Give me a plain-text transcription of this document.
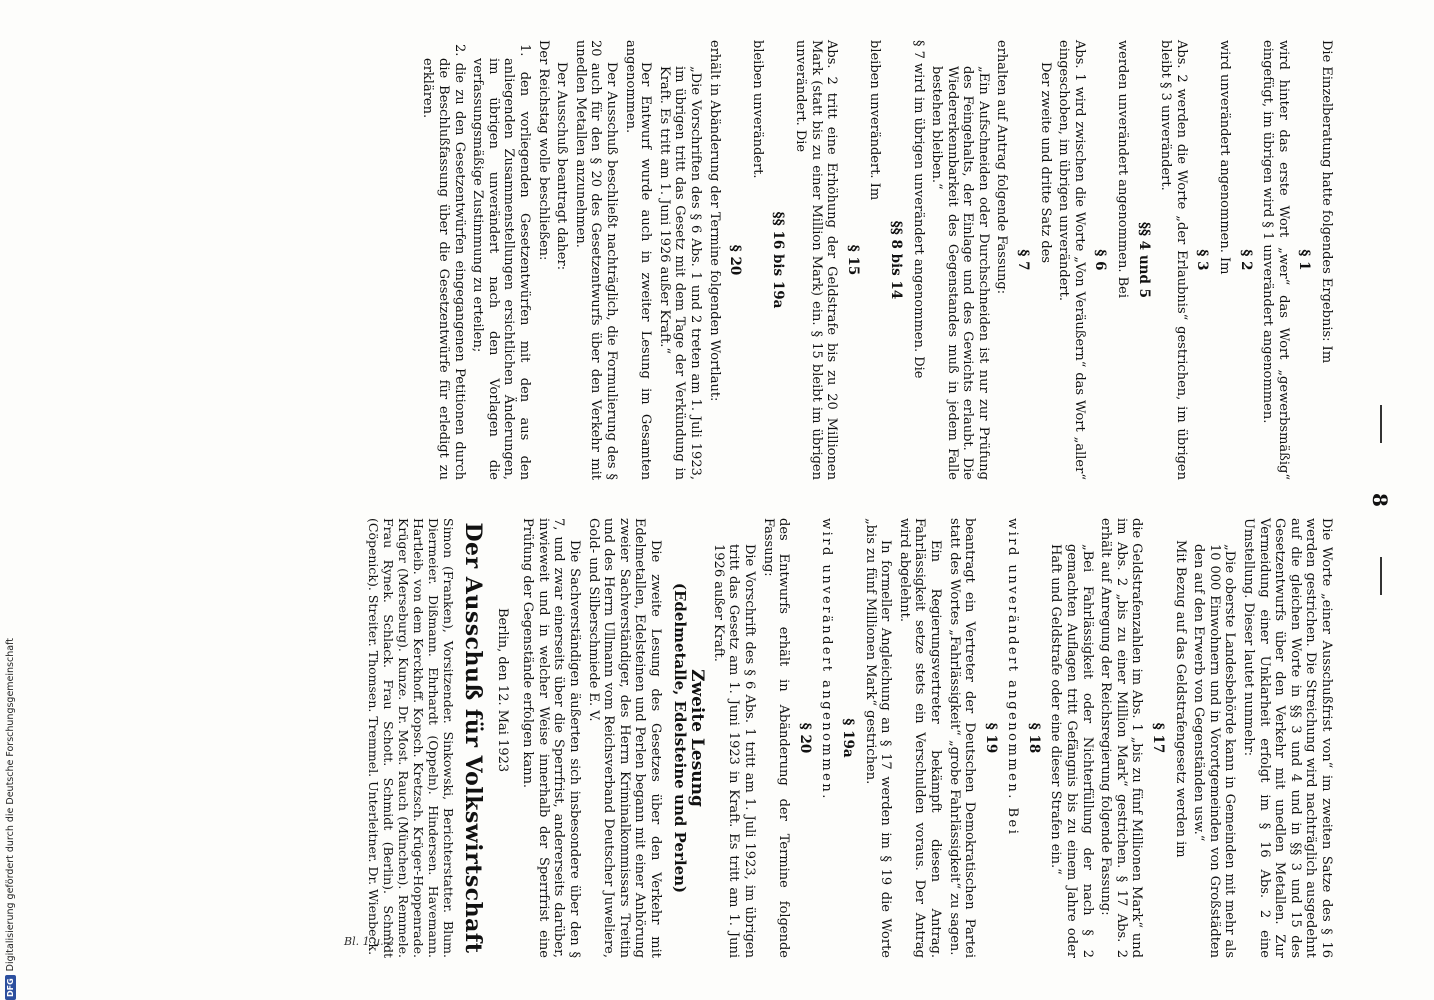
8
Die Einzelberatung hatte folgendes Ergebnis: Im
§ 1
wird hinter das erste Wort „wer“ das Wort „gewerbsmäßig“ eingefügt, im übrigen wird § 1 unverändert angenommen.
§ 2
wird unverändert angenommen. Im
§ 3
Abs. 2 werden die Worte „der Erlaubnis“ gestrichen, im übrigen bleibt § 3 unverändert.
§§ 4 und 5
werden unverändert angenommen. Bei
§ 6
Abs. 1 wird zwischen die Worte „Von Veräußern“ das Wort „aller“ eingeschoben, im übrigen unverändert.
Der zweite und dritte Satz des
§ 7
erhalten auf Antrag folgende Fassung:
„Ein Aufschneiden oder Durchschneiden ist nur zur Prüfung des Feingehalts, der Einlage und des Gewichts erlaubt. Die Wiedererkennbarkeit des Gegenstandes muß in jedem Falle bestehen bleiben.“
§ 7 wird im übrigen unverändert angenommen. Die
§§ 8 bis 14
bleiben unverändert. Im
§ 15
Abs. 2 tritt eine Erhöhung der Geldstrafe bis zu 20 Millionen Mark (statt bis zu einer Million Mark) ein. § 15 bleibt im übrigen unverändert. Die
§§ 16 bis 19a
bleiben unverändert.
§ 20
erhält in Abänderung der Termine folgenden Wortlaut:
„Die Vorschriften des § 6 Abs. 1 und 2 treten am 1. Juli 1923, im übrigen tritt das Gesetz mit dem Tage der Verkündung in Kraft. Es tritt am 1. Juni 1926 außer Kraft.“
Der Entwurf wurde auch in zweiter Lesung im Gesamten angenommen.
Der Ausschuß beschließt nachträglich, die Formulierung des § 20 auch für den § 20 des Gesetzentwurfs über den Verkehr mit unedlen Metallen anzunehmen.
Der Ausschuß beantragt daher:
Der Reichstag wolle beschließen:
1. den vorliegenden Gesetzentwürfen mit den aus den anliegenden Zusammenstellungen ersichtlichen Änderungen, im übrigen unverändert nach den Vorlagen die verfassungsmäßige Zustimmung zu erteilen;
2. die zu den Gesetzentwürfen eingegangenen Petitionen durch die Beschlußfassung über die Gesetzentwürfe für erledigt zu erklären.
Die Worte „einer Ausschußfrist von“ im zweiten Satze des § 16 werden gestrichen. Die Streichung wird nachträglich ausgedehnt auf die gleichen Worte in §§ 3 und 4 und in §§ 3 und 15 des Gesetzentwurfs über den Verkehr mit unedlen Metallen. Zur Vermeidung einer Unklarheit erfolgt im § 16 Abs. 2 eine Umstellung. Dieser lautet nunmehr:
„Die oberste Landesbehörde kann in Gemeinden mit mehr als 10 000 Einwohnern und in Vorortgemeinden von Großstädten den auf den Erwerb von Gegenständen usw.“
Mit Bezug auf das Geldstrafengesetz werden im
§ 17
die Geldstrafenzahlen im Abs. 1 „bis zu fünf Millionen Mark“ und im Abs. 2 „bis zu einer Million Mark“ gestrichen. § 17 Abs. 2 erhält auf Anregung der Reichsregierung folgende Fassung:
„Bei Fahrlässigkeit oder Nichterfüllung der nach § 2 gemachten Auflagen tritt Gefängnis bis zu einem Jahre oder Haft und Geldstrafe oder eine dieser Strafen ein.“
§ 18
wird unverändert angenommen. Bei
§ 19
beantragt ein Vertreter der Deutschen Demokratischen Partei statt des Wortes „Fahrlässigkeit“ „grobe Fahrlässigkeit“ zu sagen.
Ein Regierungsvertreter bekämpft diesen Antrag. Fahrlässigkeit setze stets ein Verschulden voraus. Der Antrag wird abgelehnt.
In formeller Angleichung an § 17 werden im § 19 die Worte „bis zu fünf Millionen Mark“ gestrichen.
§ 19a
wird unverändert angenommen.
§ 20
des Entwurfs erhält in Abänderung der Termine folgende Fassung:
Die Vorschrift des § 6 Abs. 1 tritt am 1. Juli 1923, im übrigen tritt das Gesetz am 1. Juni 1923 in Kraft. Es tritt am 1. Juni 1926 außer Kraft.
Zweite Lesung
(Edelmetalle, Edelsteine und Perlen)
Die zweite Lesung des Gesetzes über den Verkehr mit Edelmetallen, Edelsteinen und Perlen begann mit einer Anhörung zweier Sachverständiger, des Herrn Kriminalkommissars Treitin und des Herrn Ullmann vom Reichsverband Deutscher Juweliere, Gold- und Silberschmiede E. V.
Die Sachverständigen äußerten sich insbesondere über den § 7, und zwar einerseits über die Sperrfrist, andererseits darüber, inwieweit und in welcher Weise innerhalb der Sperrfrist eine Prüfung der Gegenstände erfolgen kann.
Berlin, den 12. Mai 1923
Der Ausschuß für Volkswirtschaft
Simon (Franken), Vorsitzender. Sinkowski, Berichterstatter. Blum. Diermeier. Dißmann. Ehrhardt (Oppeln). Hindersen. Havemann. Hartleib. von dem Kerckhoff. Kopsch. Kretzsch. Krüger-Hoppenrade. Krüger (Merseburg). Kunze. Dr. Most. Rauch (München). Remmele. Frau Rynek. Schlack. Frau Schott. Schmidt (Berlin). Schmidt (Cöpenick). Streiter. Thomsen. Tremmel. Unterleitner. Dr. Wienbeck.
Bl. 1 u. 2
DFG
Digitalisierung gefördert durch die Deutsche Forschungsgemeinschaft
